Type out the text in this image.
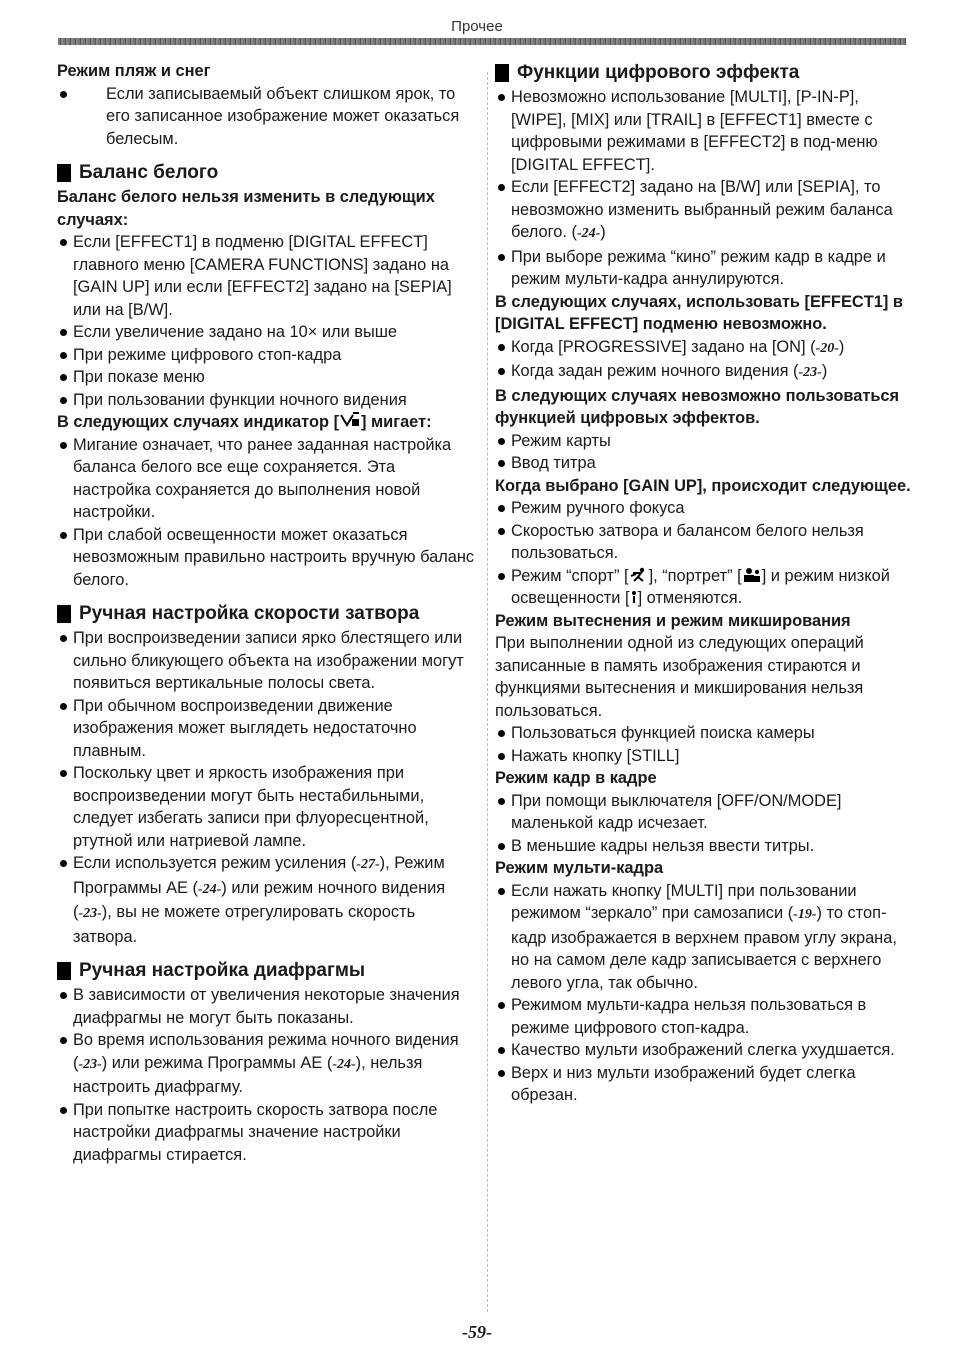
Прочее

Режим пляж и снег

Если записываемый объект слишком ярок, то его записанное изображение может оказаться белесым.

Баланс белого

Баланс белого нельзя изменить в следующих случаях:

Если [EFFECT1] в подменю [DIGITAL EFFECT] главного меню [CAMERA FUNCTIONS] задано на [GAIN UP] или если [EFFECT2] задано на [SEPIA] или на [B/W].

Если увеличение задано на 10× или выше

При режиме цифрового стоп-кадра

При показе меню

При пользовании функции ночного видения

В следующих случаях индикатор [ ] мигает:

Мигание означает, что ранее заданная настройка баланса белого все еще сохраняется. Эта настройка сохраняется до выполнения новой настройки.

При слабой освещенности может оказаться невозможным правильно настроить вручную баланс белого.

Ручная настройка скорости затвора

При воспроизведении записи ярко блестящего или сильно бликующего объекта на изображении могут появиться вертикальные полосы света.

При обычном воспроизведении движение изображения может выглядеть недостаточно плавным.

Поскольку цвет и яркость изображения при воспроизведении могут быть нестабильными, следует избегать записи при флуоресцентной, ртутной или натриевой лампе.

Если используется режим усиления (-27-), Режим Программы АЕ (-24-) или режим ночного видения (-23-), вы не можете отрегулировать скорость затвора.

Ручная настройка диафрагмы

В зависимости от увеличения некоторые значения диафрагмы не могут быть показаны.

Во время использования режима ночного видения (-23-) или режима Программы АЕ (-24-), нельзя настроить диафрагму.

При попытке настроить скорость затвора после настройки диафрагмы значение настройки диафрагмы стирается.

Функции цифрового эффекта

Невозможно использование [MULTI], [P-IN-P], [WIPE], [MIX] или [TRAIL] в [EFFECT1] вместе с цифровыми режимами в [EFFECT2] в под-меню [DIGITAL EFFECT].

Если [EFFECT2] задано на [B/W] или [SEPIA], то невозможно изменить выбранный режим баланса белого. (-24-)

При выборе режима “кино” режим кадр в кадре и режим мульти-кадра аннулируются.

В следующих случаях, использовать [EFFECT1] в [DIGITAL EFFECT] подменю невозможно.

Когда [PROGRESSIVE] задано на [ON] (-20-)

Когда задан режим ночного видения (-23-)

В следующих случаях невозможно пользоваться функцией цифровых эффектов.

Режим карты

Ввод титра

Когда выбрано [GAIN UP], происходит следующее.

Режим ручного фокуса

Скоростью затвора и балансом белого нельзя пользоваться.

Режим “спорт” [ ], “портрет” [ ] и режим низкой освещенности [ ] отменяются.

Режим вытеснения и режим микширования

При выполнении одной из следующих операций записанные в память изображения стираются и функциями вытеснения и микширования нельзя пользоваться.

Пользоваться функцией поиска камеры

Нажать кнопку [STILL]

Режим кадр в кадре

При помощи выключателя [OFF/ON/MODE] маленькой кадр исчезает.

В меньшие кадры нельзя ввести титры.

Режим мульти-кадра

Если нажать кнопку [MULTI] при пользовании режимом “зеркало” при самозаписи (-19-) то стоп-кадр изображается в верхнем правом углу экрана, но на самом деле кадр записывается с верхнего левого угла, так обычно.

Режимом мульти-кадра нельзя пользоваться в режиме цифрового стоп-кадра.

Качество мульти изображений слегка ухудшается.

Верх и низ мульти изображений будет слегка обрезан.

-59-
